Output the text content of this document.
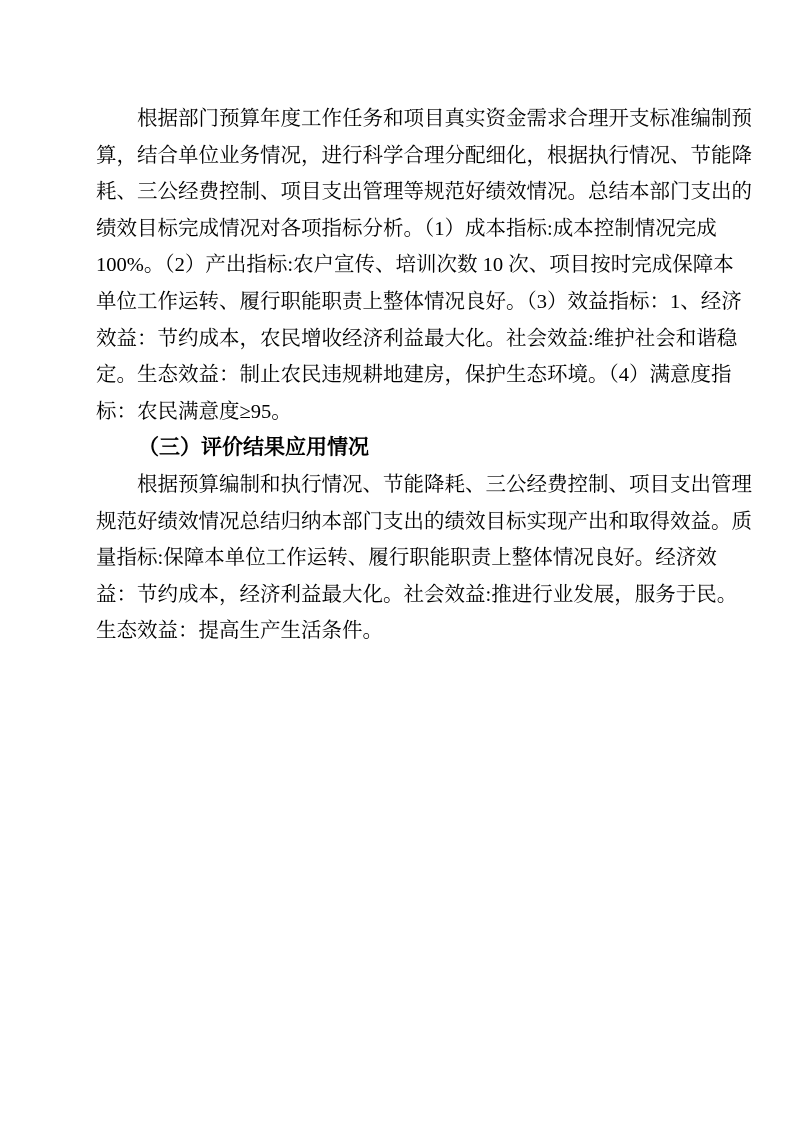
根据部门预算年度工作任务和项目真实资金需求合理开支标准编制预
算，结合单位业务情况，进行科学合理分配细化，根据执行情况、节能降
耗、三公经费控制、项目支出管理等规范好绩效情况。总结本部门支出的
绩效目标完成情况对各项指标分析。（1）成本指标:成本控制情况完成
100%。（2）产出指标:农户宣传、培训次数 10 次、项目按时完成保障本
单位工作运转、履行职能职责上整体情况良好。（3）效益指标：1、经济
效益：节约成本，农民增收经济利益最大化。社会效益:维护社会和谐稳
定。生态效益：制止农民违规耕地建房，保护生态环境。（4）满意度指
标：农民满意度≥95。
（三）评价结果应用情况
根据预算编制和执行情况、节能降耗、三公经费控制、项目支出管理
规范好绩效情况总结归纳本部门支出的绩效目标实现产出和取得效益。质
量指标:保障本单位工作运转、履行职能职责上整体情况良好。经济效
益：节约成本，经济利益最大化。社会效益:推进行业发展，服务于民。
生态效益：提高生产生活条件。
